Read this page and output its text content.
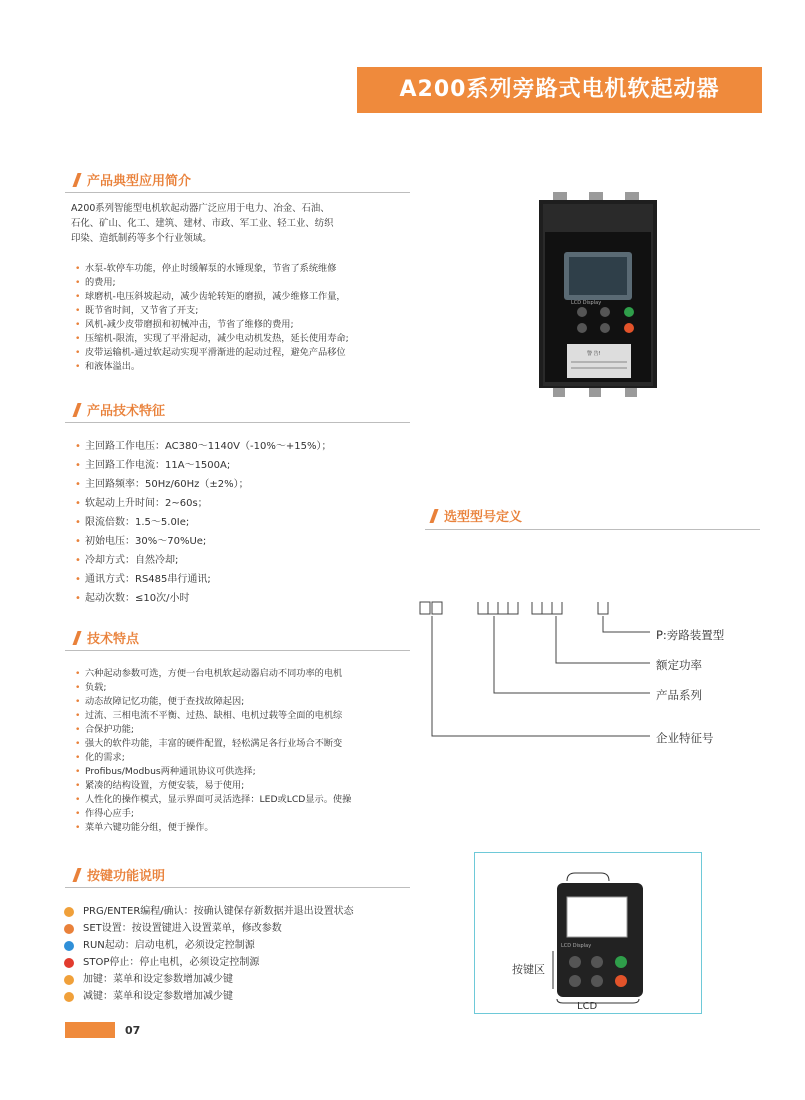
A200系列旁路式电机软起动器
产品典型应用简介
A200系列智能型电机软起动器广泛应用于电力、冶金、石油、
石化、矿山、化工、建筑、建材、市政、军工业、轻工业、纺织
印染、造纸制药等多个行业领域。
• 水泵-软停车功能，停止时缓解泵的水锤现象，节省了系统维修
• 的费用;
• 球磨机-电压斜坡起动，减少齿轮转矩的磨损，减少维修工作量，
• 既节省时间，又节省了开支;
• 风机-减少皮带磨损和初械冲击，节省了维修的费用;
• 压缩机-限流，实现了平滑起动，减少电动机发热，延长使用寿命;
• 皮带运输机-通过软起动实现平滑渐进的起动过程，避免产品移位
• 和液体溢出。
LCD Display
警 告!
产品技术特征
• 主回路工作电压：AC380～1140V（-10%～+15%）；
• 主回路工作电流：11A～1500A;
• 主回路频率：50Hz/60Hz（±2%）；
• 软起动上升时间：2~60s；
• 限流倍数：1.5～5.0Ie;
• 初始电压：30%～70%Ue;
• 冷却方式：自然冷却;
• 通讯方式：RS485串行通讯;
• 起动次数：≤10次/小时
选型型号定义
P:旁路装置型
额定功率
产品系列
企业特征号
技术特点
• 六种起动参数可选，方便一台电机软起动器启动不同功率的电机
• 负载;
• 动态故障记忆功能，便于查找故障起因;
• 过流、三相电流不平衡、过热、缺相、电机过载等全面的电机综
• 合保护功能;
• 强大的软件功能，丰富的硬件配置，轻松满足各行业场合不断变
• 化的需求;
• Profibus/Modbus两种通讯协议可供选择;
• 紧凑的结构设置，方便安装，易于使用;
• 人性化的操作模式，显示界面可灵活选择：LED或LCD显示。使操
• 作得心应手;
• 菜单六键功能分组，便于操作。
按键功能说明
PRG/ENTER编程/确认：按确认键保存新数据并退出设置状态
SET设置：按设置键进入设置菜单，修改参数
RUN起动：启动电机，必须设定控制源
STOP停止：停止电机，必须设定控制源
加键：菜单和设定参数增加减少键
减键：菜单和设定参数增加减少键
LCD Display
按键区
LCD
07
